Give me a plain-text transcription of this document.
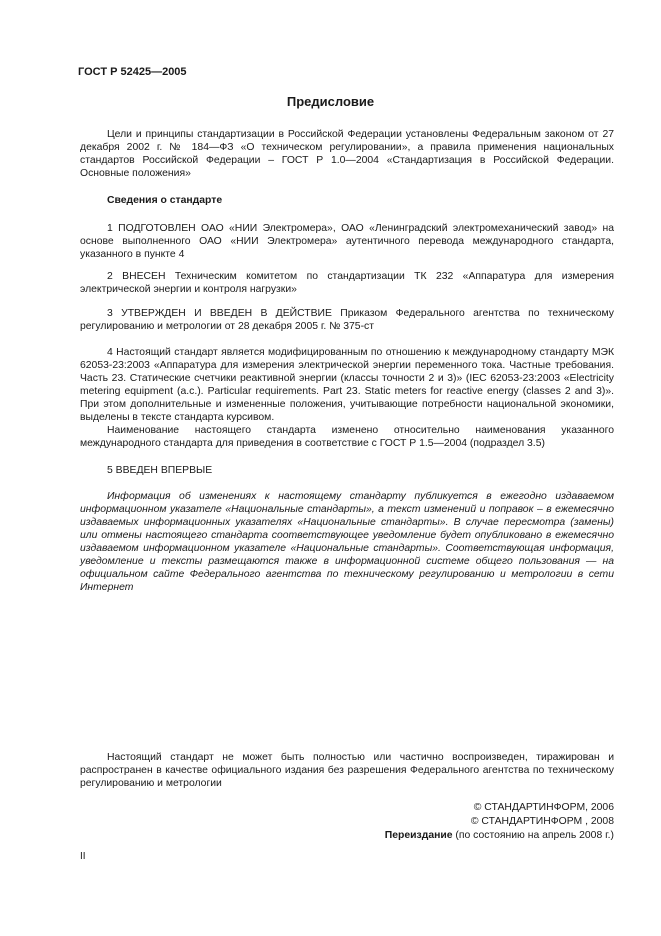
ГОСТ Р 52425—2005
Предисловие

Цели и принципы стандартизации в Российской Федерации установлены Федеральным законом от 27 декабря 2002 г. № 184—ФЗ «О техническом регулировании», а правила применения национальных стандартов Российской Федерации – ГОСТ Р 1.0—2004 «Стандартизация в Российской Федерации. Основные положения»

Сведения о стандарте

1 ПОДГОТОВЛЕН ОАО «НИИ Электромера», ОАО «Ленинградский электромеханический завод» на основе выполненного ОАО «НИИ Электромера» аутентичного перевода международного стандарта, указанного в пункте 4

2 ВНЕСЕН Техническим комитетом по стандартизации ТК 232 «Аппаратура для измерения электрической энергии и контроля нагрузки»

3 УТВЕРЖДЕН И ВВЕДЕН В ДЕЙСТВИЕ Приказом Федерального агентства по техническому регулированию и метрологии от 28 декабря 2005 г. № 375-ст

4 Настоящий стандарт является модифицированным по отношению к международному стандарту МЭК 62053-23:2003 «Аппаратура для измерения электрической энергии переменного тока. Частные требования. Часть 23. Статические счетчики реактивной энергии (классы точности 2 и 3)» (IEC 62053-23:2003 «Electricity metering equipment (a.c.). Particular requirements. Part 23. Static meters for reactive energy (classes 2 and 3)». При этом дополнительные и измененные положения, учитывающие потребности национальной экономики, выделены в тексте стандарта курсивом.

Наименование настоящего стандарта изменено относительно наименования указанного международного стандарта для приведения в соответствие с ГОСТ Р 1.5—2004 (подраздел 3.5)

5 ВВЕДЕН ВПЕРВЫЕ

Информация об изменениях к настоящему стандарту публикуется в ежегодно издаваемом информационном указателе «Национальные стандарты», а текст изменений и поправок – в ежемесячно издаваемых информационных указателях «Национальные стандарты». В случае пересмотра (замены) или отмены настоящего стандарта соответствующее уведомление будет опубликовано в ежемесячно издаваемом информационном указателе «Национальные стандарты». Соответствующая информация, уведомление и тексты размещаются также в информационной системе общего пользования — на официальном сайте Федерального агентства по техническому регулированию и метрологии в сети Интернет

Настоящий стандарт не может быть полностью или частично воспроизведен, тиражирован и распространен в качестве официального издания без разрешения Федерального агентства по техническому регулированию и метрологии

© СТАНДАРТИНФОРМ, 2006
© СТАНДАРТИНФОРМ , 2008
Переиздание (по состоянию на апрель 2008 г.)
II
